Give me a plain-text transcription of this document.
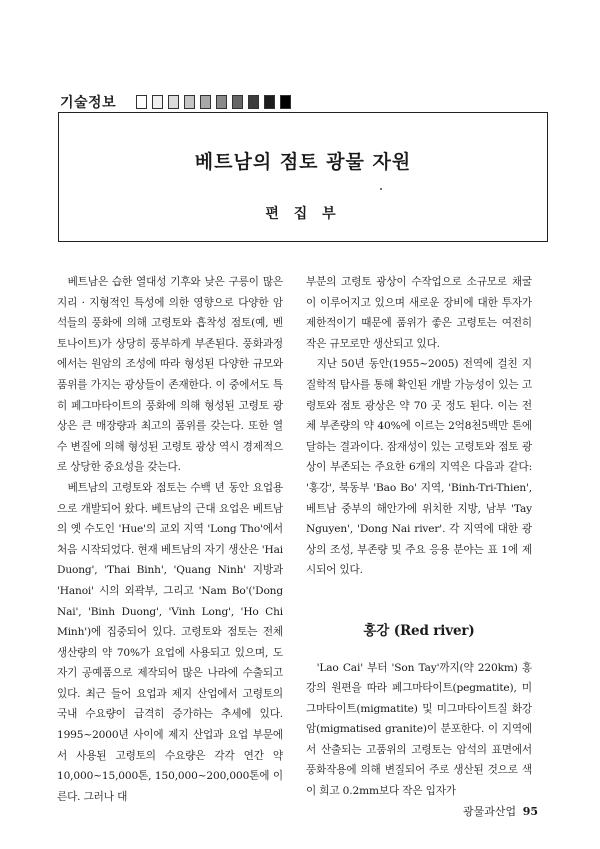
기술정보
베트남의 점토 광물 자원
편 집 부

베트남은 습한 열대성 기후와 낮은 구릉이 많은 지리 · 지형적인 특성에 의한 영향으로 다양한 암석들의 풍화에 의해 고령토와 흡착성 점토(예, 벤토나이트)가 상당히 풍부하게 부존된다. 풍화과정에서는 원암의 조성에 따라 형성된 다양한 규모와 품위를 가지는 광상들이 존재한다. 이 중에서도 특히 페그마타이트의 풍화에 의해 형성된 고령토 광상은 큰 매장량과 최고의 품위를 갖는다. 또한 열수 변질에 의해 형성된 고령토 광상 역시 경제적으로 상당한 중요성을 갖는다.

베트남의 고령토와 점토는 수백 년 동안 요업용으로 개발되어 왔다. 베트남의 근대 요업은 베트남의 옛 수도인 'Hue'의 교외 지역 'Long Tho'에서 처음 시작되었다. 현재 베트남의 자기 생산은 'Hai Duong', 'Thai Binh', 'Quang Ninh' 지방과 'Hanoi' 시의 외곽부, 그리고 'Nam Bo'('Dong Nai', 'Binh Duong', 'Vinh Long', 'Ho Chi Minh')에 집중되어 있다. 고령토와 점토는 전체 생산량의 약 70%가 요업에 사용되고 있으며, 도자기 공예품으로 제작되어 많은 나라에 수출되고 있다. 최근 들어 요업과 제지 산업에서 고령토의 국내 수요량이 급격히 증가하는 추세에 있다. 1995~2000년 사이에 제지 산업과 요업 부문에서 사용된 고령토의 수요량은 각각 연간 약 10,000~15,000톤, 150,000~200,000톤에 이른다. 그러나 대

부분의 고령토 광상이 수작업으로 소규모로 채굴이 이루어지고 있으며 새로운 장비에 대한 투자가 제한적이기 때문에 품위가 좋은 고령토는 여전히 작은 규모로만 생산되고 있다.

지난 50년 동안(1955~2005) 전역에 걸친 지질학적 탐사를 통해 확인된 개발 가능성이 있는 고령토와 점토 광상은 약 70 곳 정도 된다. 이는 전체 부존량의 약 40%에 이르는 2억8천5백만 톤에 달하는 결과이다. 잠재성이 있는 고령토와 점토 광상이 부존되는 주요한 6개의 지역은 다음과 같다: '홍강', 북동부 'Bao Bo' 지역, 'Binh-Tri-Thien', 베트남 중부의 해안가에 위치한 지방, 남부 'Tay Nguyen', 'Dong Nai river'. 각 지역에 대한 광상의 조성, 부존량 및 주요 응용 분야는 표 1에 제시되어 있다.

홍강 (Red river)

'Lao Cai' 부터 'Son Tay'까지(약 220km) 홍강의 원편을 따라 페그마타이트(pegmatite), 미그마타이트(migmatite) 및 미그마타이트질 화강암(migmatised granite)이 분포한다. 이 지역에서 산출되는 고품위의 고령토는 암석의 표면에서 풍화작용에 의해 변질되어 주로 생산된 것으로 색이 희고 0.2mm보다 작은 입자가

광물과산업 95
